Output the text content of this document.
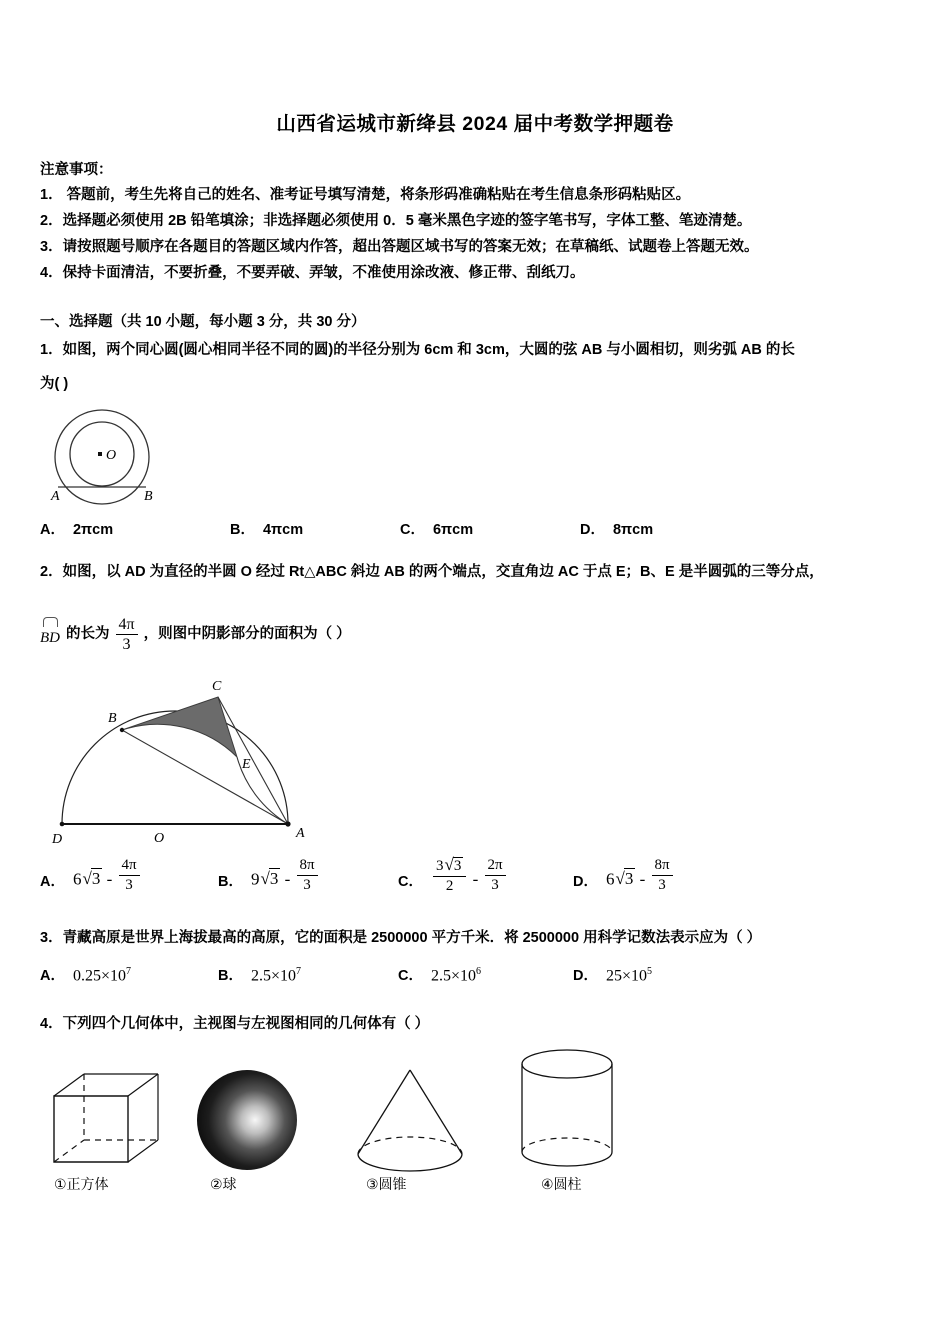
山西省运城市新绛县 2024 届中考数学押题卷
注意事项：
1． 答题前，考生先将自己的姓名、准考证号填写清楚，将条形码准确粘贴在考生信息条形码粘贴区。
2．选择题必须使用 2B 铅笔填涂；非选择题必须使用 0．5 毫米黑色字迹的签字笔书写，字体工整、笔迹清楚。
3．请按照题号顺序在各题目的答题区域内作答，超出答题区域书写的答案无效；在草稿纸、试题卷上答题无效。
4．保持卡面清洁，不要折叠，不要弄破、弄皱，不准使用涂改液、修正带、刮纸刀。
一、选择题（共 10 小题，每小题 3 分，共 30 分）
1．如图，两个同心圆(圆心相同半径不同的圆)的半径分别为 6cm 和 3cm，大圆的弦 AB 与小圆相切，则劣弧 AB 的长
为( )
O
A	B
A． 2πcm	B． 4πcm	C． 6πcm	D． 8πcm
2．如图，以 AD 为直径的半圆 O 经过 Rt△ABC 斜边 AB 的两个端点，交直角边 AC 于点 E；B、E 是半圆弧的三等分点，
BD 的长为 $\frac{4\pi}{3}$ ，则图中阴影部分的面积为（ ）
C
B
E
D	O	A
A． $6√3 - \frac{4\pi}{3}$	B． $9√3 - \frac{8\pi}{3}$	C． $\frac{3√3}{2} - \frac{2\pi}{3}$	D． $6√3 - \frac{8\pi}{3}$
3．青藏高原是世界上海拔最高的高原，它的面积是 2500000 平方千米．将 2500000 用科学记数法表示应为（ ）
A． $0.25\times 10^7$	B． $2.5\times 10^7$	C． $2.5\times 10^6$	D． $25\times 10^5$
4．下列四个几何体中，主视图与左视图相同的几何体有（ ）
①正方体	②球	③圆锥	④圆柱
